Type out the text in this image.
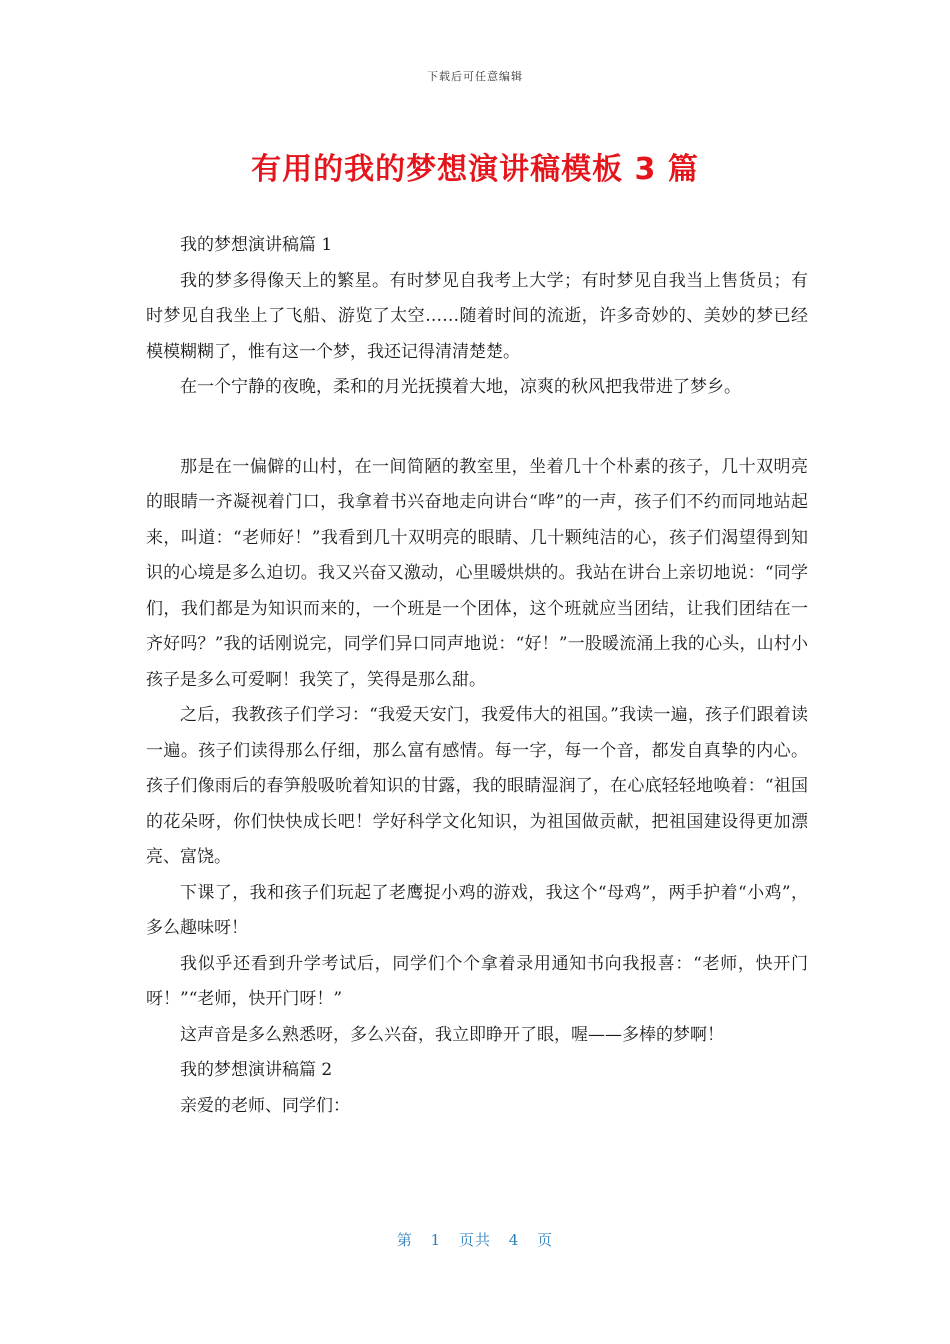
下载后可任意编辑
有用的我的梦想演讲稿模板 3 篇

我的梦想演讲稿篇 1

我的梦多得像天上的繁星。有时梦见自我考上大学；有时梦见自我当上售货员；有时梦见自我坐上了飞船、游览了太空……随着时间的流逝，许多奇妙的、美妙的梦已经模模糊糊了，惟有这一个梦，我还记得清清楚楚。

在一个宁静的夜晚，柔和的月光抚摸着大地，凉爽的秋风把我带进了梦乡。

那是在一偏僻的山村，在一间简陋的教室里，坐着几十个朴素的孩子，几十双明亮的眼睛一齐凝视着门口，我拿着书兴奋地走向讲台“哗”的一声，孩子们不约而同地站起来，叫道：“老师好！”我看到几十双明亮的眼睛、几十颗纯洁的心，孩子们渴望得到知识的心境是多么迫切。我又兴奋又激动，心里暖烘烘的。我站在讲台上亲切地说：“同学们，我们都是为知识而来的，一个班是一个团体，这个班就应当团结，让我们团结在一齐好吗？”我的话刚说完，同学们异口同声地说：“好！”一股暖流涌上我的心头，山村小孩子是多么可爱啊！我笑了，笑得是那么甜。

之后，我教孩子们学习：“我爱天安门，我爱伟大的祖国。”我读一遍，孩子们跟着读一遍。孩子们读得那么仔细，那么富有感情。每一字，每一个音，都发自真挚的内心。孩子们像雨后的春笋般吸吮着知识的甘露，我的眼睛湿润了，在心底轻轻地唤着：“祖国的花朵呀，你们快快成长吧！学好科学文化知识，为祖国做贡献，把祖国建设得更加漂亮、富饶。

下课了，我和孩子们玩起了老鹰捉小鸡的游戏，我这个“母鸡”，两手护着“小鸡”，多么趣味呀！

我似乎还看到升学考试后，同学们个个拿着录用通知书向我报喜：“老师，快开门呀！”“老师，快开门呀！”

这声音是多么熟悉呀，多么兴奋，我立即睁开了眼，喔——多棒的梦啊！

我的梦想演讲稿篇 2

亲爱的老师、同学们：

第 1 页共 4 页
